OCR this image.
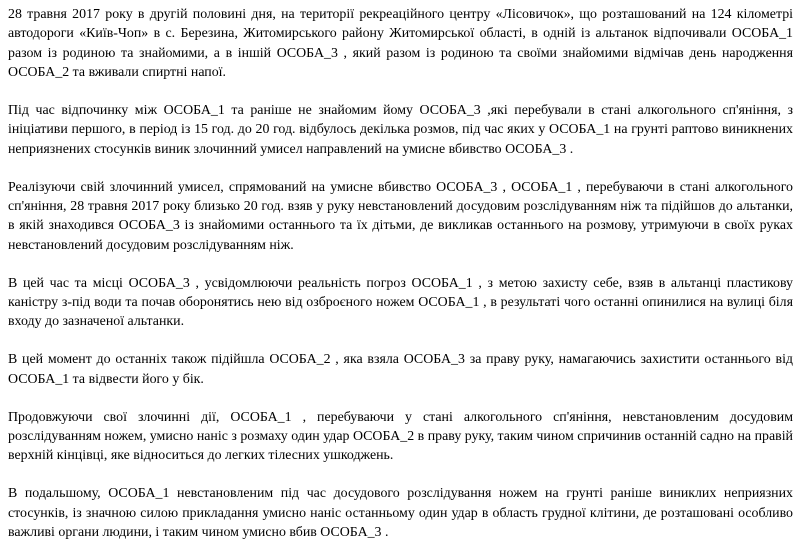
28 травня 2017 року в другій половині дня, на території рекреаційного центру «Лісовичок», що розташований на 124 кілометрі автодороги «Київ-Чоп» в с. Березина, Житомирського району Житомирської області, в одній із альтанок відпочивали ОСОБА_1 разом із родиною та знайомими, а в іншій ОСОБА_3 , який разом із родиною та своїми знайомими відмічав день народження ОСОБА_2 та вживали спиртні напої.

Під час відпочинку між ОСОБА_1 та раніше не знайомим йому ОСОБА_3 ,які перебували в стані алкогольного сп'яніння, з ініціативи першого, в період із 15 год. до 20 год. відбулось декілька розмов, під час яких у ОСОБА_1 на грунті раптово виникнених неприязнених стосунків виник злочинний умисел направлений на умисне вбивство ОСОБА_3 .

Реалізуючи свій злочинний умисел, спрямований на умисне вбивство ОСОБА_3 , ОСОБА_1 , перебуваючи в стані алкогольного сп'яніння, 28 травня 2017 року близько 20 год. взяв у руку невстановлений досудовим розслідуванням ніж та підійшов до альтанки, в якій знаходився ОСОБА_3 із знайомими останнього та їх дітьми, де викликав останнього на розмову, утримуючи в своїх руках невстановлений досудовим розслідуванням ніж.

В цей час та місці ОСОБА_3 , усвідомлюючи реальність погроз ОСОБА_1 , з метою захисту себе, взяв в альтанці пластикову каністру з-під води та почав оборонятись нею від озброєного ножем ОСОБА_1 , в результаті чого останні опинилися на вулиці біля входу до зазначеної альтанки.

В цей момент до останніх також підійшла ОСОБА_2 , яка взяла ОСОБА_3 за праву руку, намагаючись захистити останнього від ОСОБА_1 та відвести його у бік.

Продовжуючи свої злочинні дії, ОСОБА_1 , перебуваючи у стані алкогольного сп'яніння, невстановленим досудовим розслідуванням ножем, умисно наніс з розмаху один удар ОСОБА_2 в праву руку, таким чином спричинив останній садно на правій верхній кінцівці, яке відноситься до легких тілесних ушкоджень.

В подальшому, ОСОБА_1 невстановленим під час досудового розслідування ножем на грунті раніше виниклих неприязних стосунків, із значною силою прикладання умисно наніс останньому один удар в область грудної клітини, де розташовані особливо важливі органи людини, і таким чином умисно вбив ОСОБА_3 .
